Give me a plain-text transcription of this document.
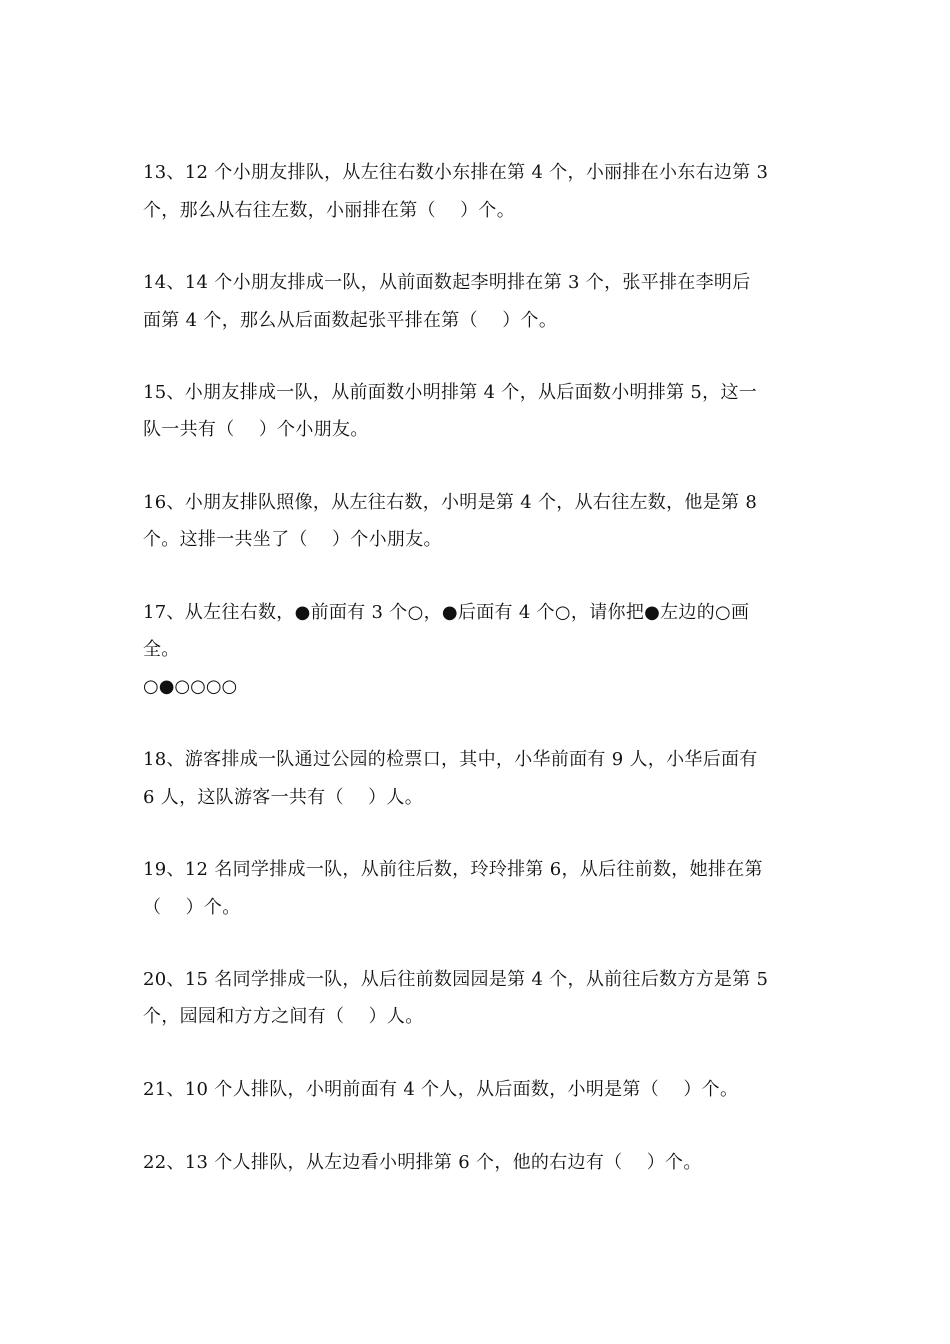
13、12 个小朋友排队，从左往右数小东排在第 4 个，小丽排在小东右边第 3
个，那么从右往左数，小丽排在第（　 ）个。
14、14 个小朋友排成一队，从前面数起李明排在第 3 个，张平排在李明后
面第 4 个，那么从后面数起张平排在第（　 ）个。
15、小朋友排成一队，从前面数小明排第 4 个，从后面数小明排第 5，这一
队一共有（　 ）个小朋友。
16、小朋友排队照像，从左往右数，小明是第 4 个，从右往左数，他是第 8
个。这排一共坐了（　 ）个小朋友。
17、从左往右数，●前面有 3 个○，●后面有 4 个○，请你把●左边的○画
全。
○●○○○○
18、游客排成一队通过公园的检票口，其中，小华前面有 9 人，小华后面有
6 人，这队游客一共有（　 ）人。
19、12 名同学排成一队，从前往后数，玲玲排第 6，从后往前数，她排在第
（　 ）个。
20、15 名同学排成一队，从后往前数园园是第 4 个，从前往后数方方是第 5
个，园园和方方之间有（　 ）人。
21、10 个人排队，小明前面有 4 个人，从后面数，小明是第（　 ）个。
22、13 个人排队，从左边看小明排第 6 个，他的右边有（　 ）个。
